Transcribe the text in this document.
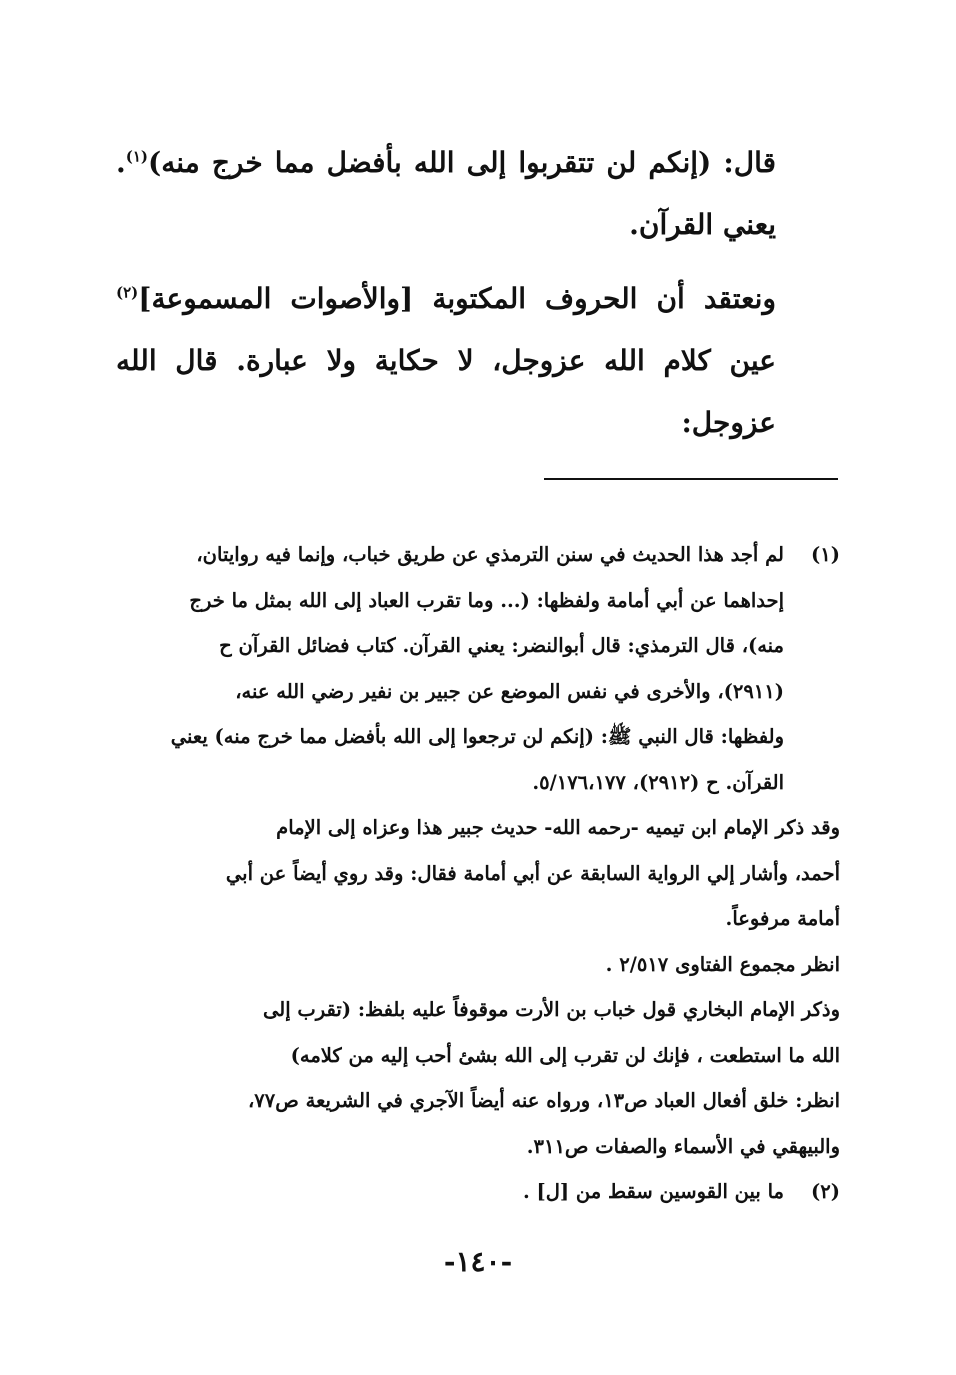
قال: (إنكم لن تتقربوا إلى الله بأفضل مما خرج منه)$^{(١)}$. يعني القرآن.

ونعتقد أن الحروف المكتوبة [والأصوات المسموعة]$^{(٢)}$ عين كلام الله عزوجل، لا حكاية ولا عبارة. قال الله عزوجل:

(١)
لم أجد هذا الحديث في سنن الترمذي عن طريق خباب، وإنما فيه روايتان،
إحداهما عن أبي أمامة ولفظها: (... وما تقرب العباد إلى الله بمثل ما خرج
منه)، قال الترمذي: قال أبوالنضر: يعني القرآن. كتاب فضائل القرآن ح
(٢٩١١)، والأخرى في نفس الموضع عن جبير بن نفير رضي الله عنه،
ولفظها: قال النبي ﷺ: (إنكم لن ترجعوا إلى الله بأفضل مما خرج منه) يعني
القرآن. ح (٢٩١٢)، ٥/١٧٦،١٧٧.
وقد ذكر الإمام ابن تيميه -رحمه الله- حديث جبير هذا وعزاه إلى الإمام
أحمد، وأشار إلي الرواية السابقة عن أبي أمامة فقال: وقد روي أيضاً عن أبي
أمامة مرفوعاً.
انظر مجموع الفتاوى ٢/٥١٧ .
وذكر الإمام البخاري قول خباب بن الأرت موقوفاً عليه بلفظ: (تقرب إلى
الله ما استطعت ، فإنك لن تقرب إلى الله بشئ أحب إليه من كلامه)
انظر: خلق أفعال العباد ص١٣، ورواه عنه أيضاً الآجري في الشريعة ص٧٧،
والبيهقي في الأسماء والصفات ص٣١١.
(٢)
ما بين القوسين سقط من [ل] .
-١٤٠-
